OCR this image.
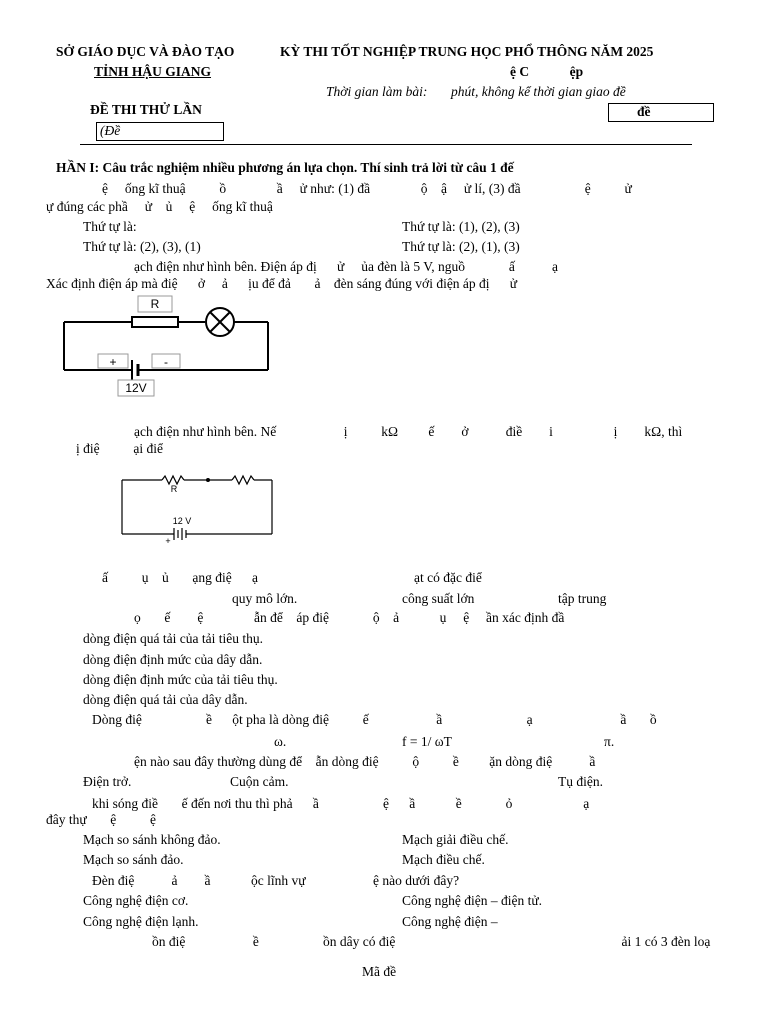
SỞ GIÁO DỤC VÀ ĐÀO TẠO
TỈNH HẬU GIANG
KỲ THI TỐT NGHIỆP TRUNG HỌC PHỔ THÔNG NĂM 2025
ệ C            ệp
Thời gian làm bài:       phút, không kể thời gian giao đề
ĐỀ THI THỬ LẦN
(Đề
đề
HẦN I: Câu trắc nghiệm nhiều phương án lựa chọn. Thí sinh trả lời từ câu 1 đế
ệ     ống kĩ thuậ          ồ               ầ     ử như: (1) đầ               ộ    ậ     ử lí, (3) đầ                   ệ          ử
ự đúng các phầ     ử    ủ     ệ     ống kĩ thuậ
Thứ tự là:	Thứ tự là: (1), (2), (3)
Thứ tự là: (2), (3), (1)	Thứ tự là: (2), (1), (3)
ạch điện như hình bên. Điện áp đị      ử     ủa đèn là 5 V, nguồ             ấ           ạ
Xác định điện áp mà điệ      ở     ả      ịu để đả       ả    đèn sáng đúng với điện áp đị      ử
R
+	-
12V
ạch điện như hình bên. Nế                    ị          kΩ         ế        ở           điề        i                  ị        kΩ, thì
ị điệ          ại điể
R
12 V
+
ấ          ụ    ủ       ạng điệ      ạ	ạt có đặc điể
quy mô lớn.	công suất lớn	tập trung
ọ       ế        ệ               ẫn để    áp điệ             ộ    ả            ụ     ệ     ần xác định đầ
dòng điện quá tải của tải tiêu thụ.
dòng điện định mức của dây dẫn.
dòng điện định mức của tải tiêu thụ.
dòng điện quá tải của dây dẫn.
Dòng điệ                   ề      ột pha là dòng điệ          ế                    ầ                         ạ                          ầ       ồ
ω.	f = 1/ ωT	π.
ện nào sau đây thường dùng để    ẫn dòng điệ          ộ          ề         ặn dòng điệ           ầ
Điện trở.	Cuộn cảm.	Tụ điện.
khi sóng điề       ế đến nơi thu thì phả      ầ                   ệ      ầ            ề             ỏ                     ạ
đây thự       ệ          ệ
Mạch so sánh không đảo.	Mạch giải điều chế.
Mạch so sánh đảo.	Mạch điều chế.
Đèn điệ           ả        ầ            ộc lĩnh vự                    ệ nào dưới đây?
Công nghệ điện cơ.	Công nghệ điện – điện tử.
Công nghệ điện lạnh.	Công nghệ điện –
ồn điệ                    ề                   ồn dây có điệ                                                                   ải 1 có 3 đèn loạ
Mã đề
